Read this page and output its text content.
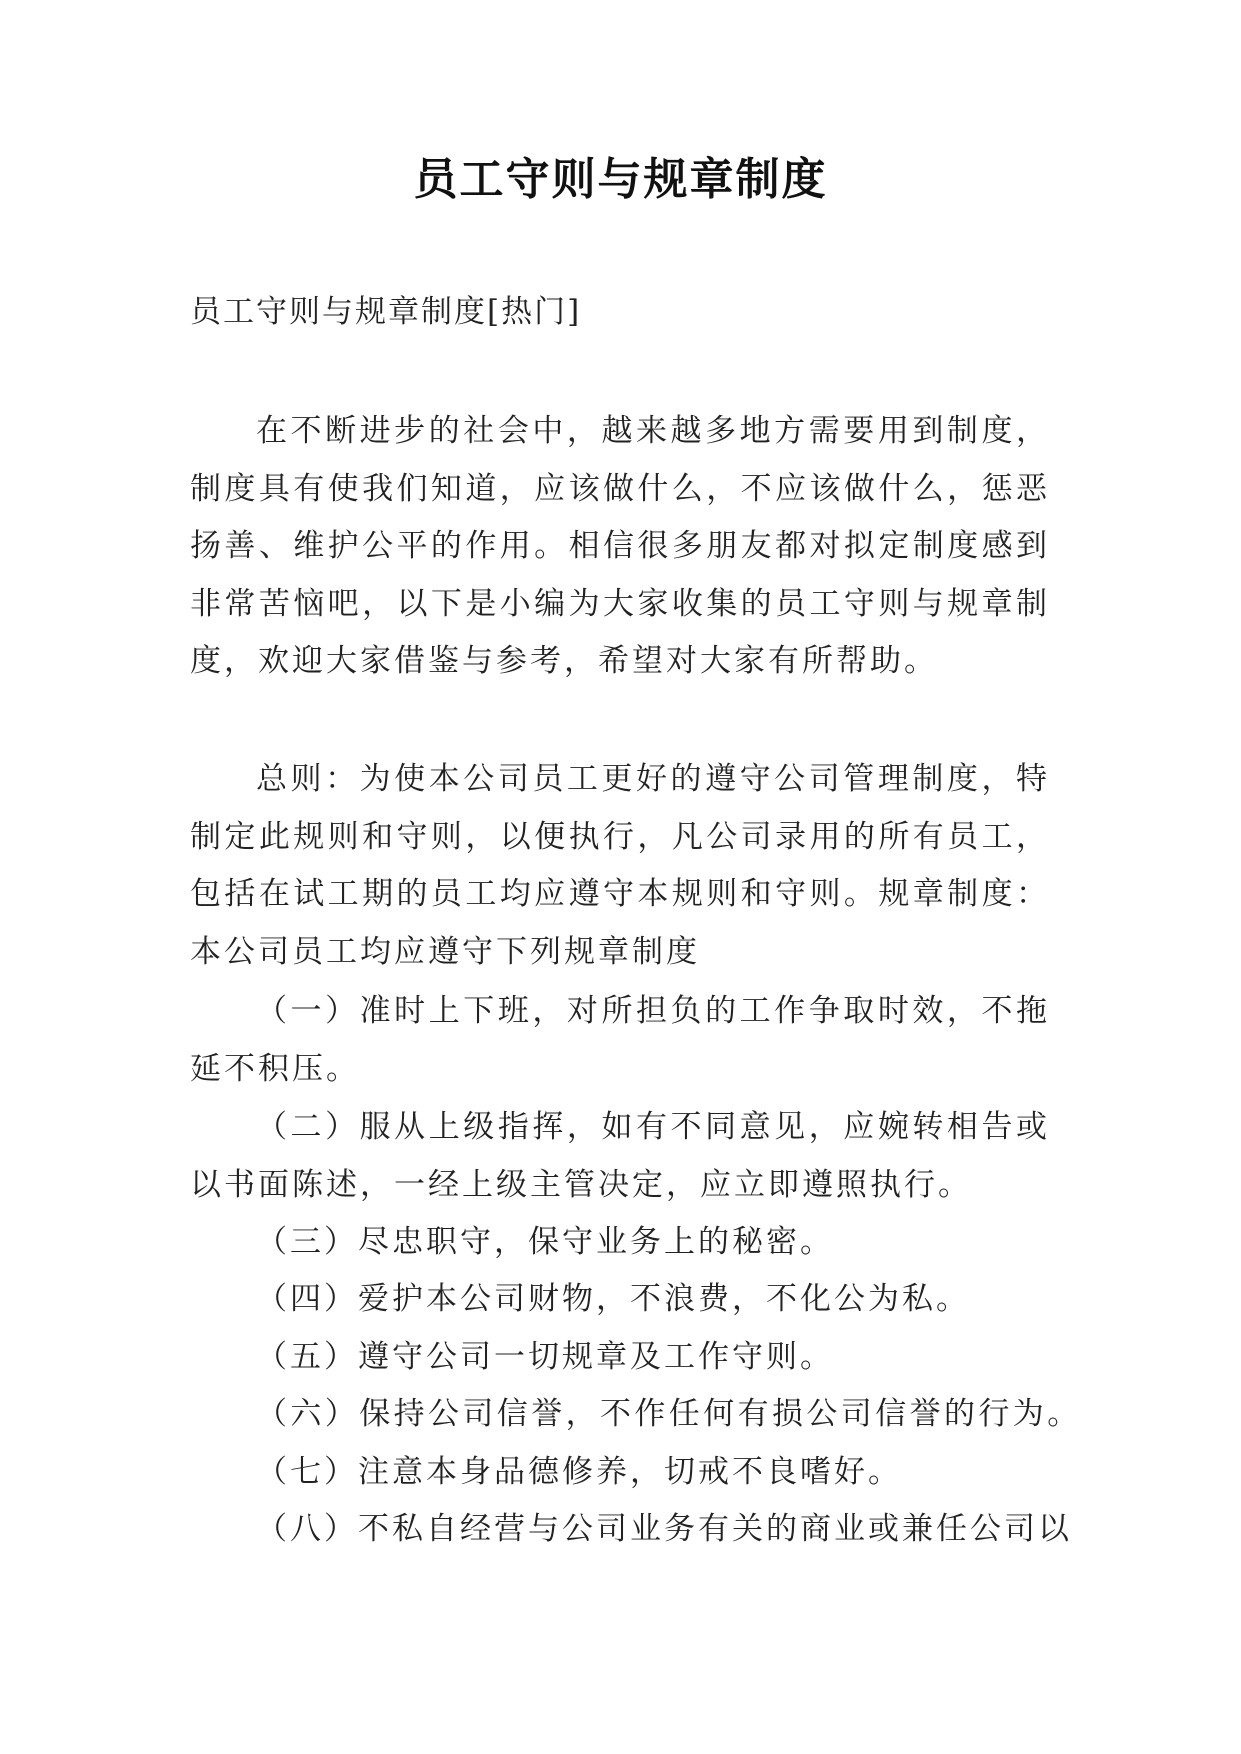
员工守则与规章制度
员工守则与规章制度[热门]

在不断进步的社会中，越来越多地方需要用到制度，制度具有使我们知道，应该做什么，不应该做什么，惩恶扬善、维护公平的作用。相信很多朋友都对拟定制度感到非常苦恼吧，以下是小编为大家收集的员工守则与规章制度，欢迎大家借鉴与参考，希望对大家有所帮助。

总则：为使本公司员工更好的遵守公司管理制度，特制定此规则和守则，以便执行，凡公司录用的所有员工，包括在试工期的员工均应遵守本规则和守则。规章制度：本公司员工均应遵守下列规章制度

（一）准时上下班，对所担负的工作争取时效，不拖延不积压。

（二）服从上级指挥，如有不同意见，应婉转相告或以书面陈述，一经上级主管决定，应立即遵照执行。

（三）尽忠职守，保守业务上的秘密。

（四）爱护本公司财物，不浪费，不化公为私。

（五）遵守公司一切规章及工作守则。

（六）保持公司信誉，不作任何有损公司信誉的行为。

（七）注意本身品德修养，切戒不良嗜好。

（八）不私自经营与公司业务有关的商业或兼任公司以
